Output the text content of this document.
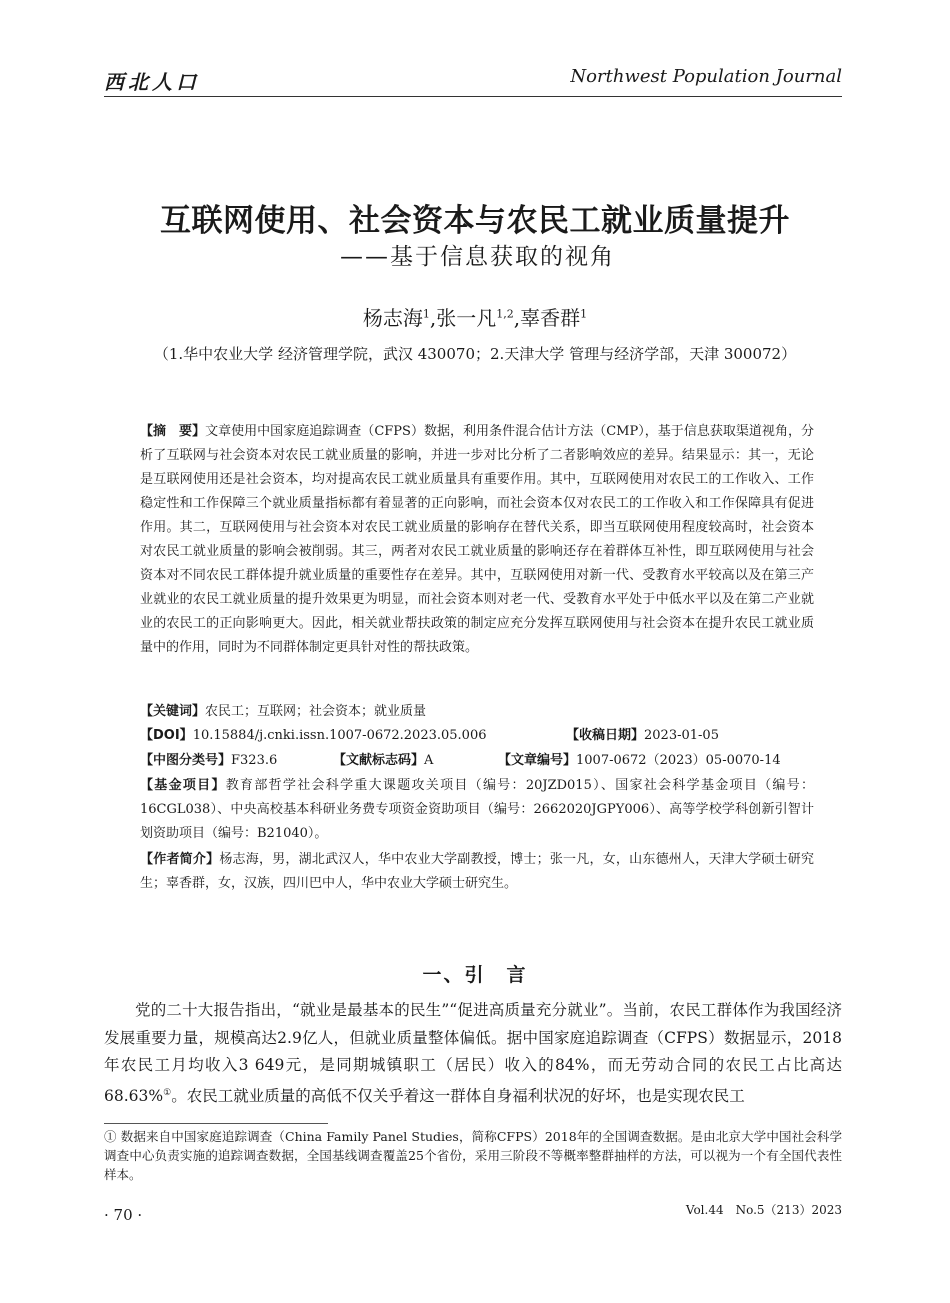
西北人口	Northwest Population Journal
互联网使用、社会资本与农民工就业质量提升
——基于信息获取的视角
杨志海$^1$,张一凡$^{1,2}$,辜香群$^1$
（1.华中农业大学 经济管理学院，武汉 430070；2.天津大学 管理与经济学部，天津 300072）
【摘　要】文章使用中国家庭追踪调查（CFPS）数据，利用条件混合估计方法（CMP），基于信息获取渠道视角，分析了互联网与社会资本对农民工就业质量的影响，并进一步对比分析了二者影响效应的差异。结果显示：其一，无论是互联网使用还是社会资本，均对提高农民工就业质量具有重要作用。其中，互联网使用对农民工的工作收入、工作稳定性和工作保障三个就业质量指标都有着显著的正向影响，而社会资本仅对农民工的工作收入和工作保障具有促进作用。其二，互联网使用与社会资本对农民工就业质量的影响存在替代关系，即当互联网使用程度较高时，社会资本对农民工就业质量的影响会被削弱。其三，两者对农民工就业质量的影响还存在着群体互补性，即互联网使用与社会资本对不同农民工群体提升就业质量的重要性存在差异。其中，互联网使用对新一代、受教育水平较高以及在第三产业就业的农民工就业质量的提升效果更为明显，而社会资本则对老一代、受教育水平处于中低水平以及在第二产业就业的农民工的正向影响更大。因此，相关就业帮扶政策的制定应充分发挥互联网使用与社会资本在提升农民工就业质量中的作用，同时为不同群体制定更具针对性的帮扶政策。
【关键词】农民工；互联网；社会资本；就业质量
【DOI】10.15884/j.cnki.issn.1007-0672.2023.05.006	【收稿日期】2023-01-05
【中图分类号】F323.6	【文献标志码】A	【文章编号】1007-0672（2023）05-0070-14
【基金项目】教育部哲学社会科学重大课题攻关项目（编号：20JZD015）、国家社会科学基金项目（编号：16CGL038）、中央高校基本科研业务费专项资金资助项目（编号：2662020JGPY006）、高等学校学科创新引智计划资助项目（编号：B21040）。
【作者简介】杨志海，男，湖北武汉人，华中农业大学副教授，博士；张一凡，女，山东德州人，天津大学硕士研究生；辜香群，女，汉族，四川巴中人，华中农业大学硕士研究生。
一、引　言
党的二十大报告指出，“就业是最基本的民生”“促进高质量充分就业”。当前，农民工群体作为我国经济发展重要力量，规模高达2.9亿人，但就业质量整体偏低。据中国家庭追踪调查（CFPS）数据显示，2018年农民工月均收入3 649元，是同期城镇职工（居民）收入的84%，而无劳动合同的农民工占比高达68.63%①。农民工就业质量的高低不仅关乎着这一群体自身福利状况的好坏，也是实现农民工
① 数据来自中国家庭追踪调查（China Family Panel Studies，简称CFPS）2018年的全国调查数据。是由北京大学中国社会科学调查中心负责实施的追踪调查数据，全国基线调查覆盖25个省份，采用三阶段不等概率整群抽样的方法，可以视为一个有全国代表性样本。
· 70 ·	Vol.44　No.5（213）2023
